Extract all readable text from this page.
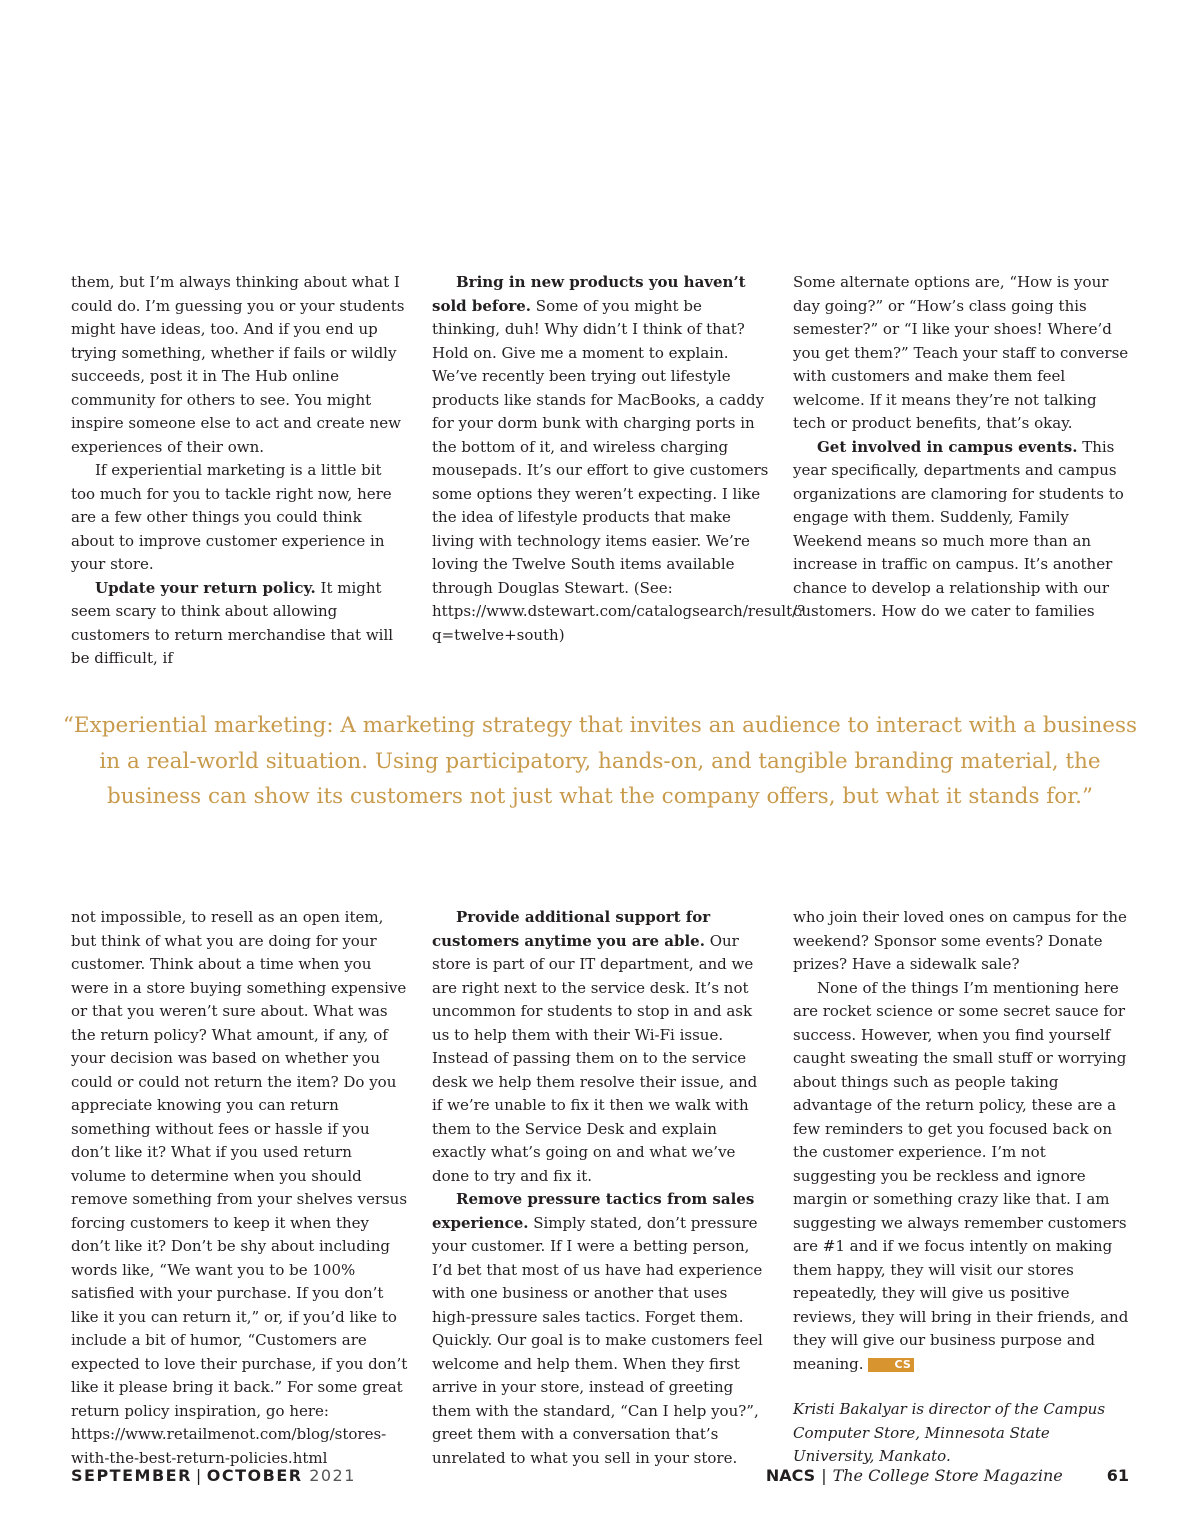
them, but I’m always thinking about what I could do. I’m guessing you or your students might have ideas, too. And if you end up trying something, whether if fails or wildly succeeds, post it in The Hub online community for others to see. You might inspire someone else to act and create new experiences of their own.

If experiential marketing is a little bit too much for you to tackle right now, here are a few other things you could think about to improve customer experience in your store.

Update your return policy. It might seem scary to think about allowing customers to return merchandise that will be difficult, if

Bring in new products you haven’t sold before. Some of you might be thinking, duh! Why didn’t I think of that? Hold on. Give me a moment to explain. We’ve recently been trying out lifestyle products like stands for MacBooks, a caddy for your dorm bunk with charging ports in the bottom of it, and wireless charging mousepads. It’s our effort to give customers some options they weren’t expecting. I like the idea of lifestyle products that make living with technology items easier. We’re loving the Twelve South items available through Douglas Stewart. (See: https://www.dstewart.com/catalogsearch/result/?q=twelve+south)

Some alternate options are, “How is your day going?” or “How’s class going this semester?” or “I like your shoes! Where’d you get them?” Teach your staff to converse with customers and make them feel welcome. If it means they’re not talking tech or product benefits, that’s okay.

Get involved in campus events. This year specifically, departments and campus organizations are clamoring for students to engage with them. Suddenly, Family Weekend means so much more than an increase in traffic on campus. It’s another chance to develop a relationship with our customers. How do we cater to families

“Experiential marketing: A marketing strategy that invites an audience to interact with a business in a real-world situation. Using participatory, hands-on, and tangible branding material, the business can show its customers not just what the company offers, but what it stands for.”

not impossible, to resell as an open item, but think of what you are doing for your customer. Think about a time when you were in a store buying something expensive or that you weren’t sure about. What was the return policy? What amount, if any, of your decision was based on whether you could or could not return the item? Do you appreciate knowing you can return something without fees or hassle if you don’t like it? What if you used return volume to determine when you should remove something from your shelves versus forcing customers to keep it when they don’t like it? Don’t be shy about including words like, “We want you to be 100% satisfied with your purchase. If you don’t like it you can return it,” or, if you’d like to include a bit of humor, “Customers are expected to love their purchase, if you don’t like it please bring it back.” For some great return policy inspiration, go here: https://www.retailmenot.com/blog/stores-with-the-best-return-policies.html

Provide additional support for customers anytime you are able. Our store is part of our IT department, and we are right next to the service desk. It’s not uncommon for students to stop in and ask us to help them with their Wi-Fi issue. Instead of passing them on to the service desk we help them resolve their issue, and if we’re unable to fix it then we walk with them to the Service Desk and explain exactly what’s going on and what we’ve done to try and fix it.

Remove pressure tactics from sales experience. Simply stated, don’t pressure your customer. If I were a betting person, I’d bet that most of us have had experience with one business or another that uses high-pressure sales tactics. Forget them. Quickly. Our goal is to make customers feel welcome and help them. When they first arrive in your store, instead of greeting them with the standard, “Can I help you?”, greet them with a conversation that’s unrelated to what you sell in your store.

who join their loved ones on campus for the weekend? Sponsor some events? Donate prizes? Have a sidewalk sale?

None of the things I’m mentioning here are rocket science or some secret sauce for success. However, when you find yourself caught sweating the small stuff or worrying about things such as people taking advantage of the return policy, these are a few reminders to get you focused back on the customer experience. I’m not suggesting you be reckless and ignore margin or something crazy like that. I am suggesting we always remember customers are #1 and if we focus intently on making them happy, they will visit our stores repeatedly, they will give us positive reviews, they will bring in their friends, and they will give our business purpose and meaning.	CS

Kristi Bakalyar is director of the Campus Computer Store, Minnesota State University, Mankato.

SEPTEMBER | OCTOBER 2021	NACS | The College Store Magazine	61
